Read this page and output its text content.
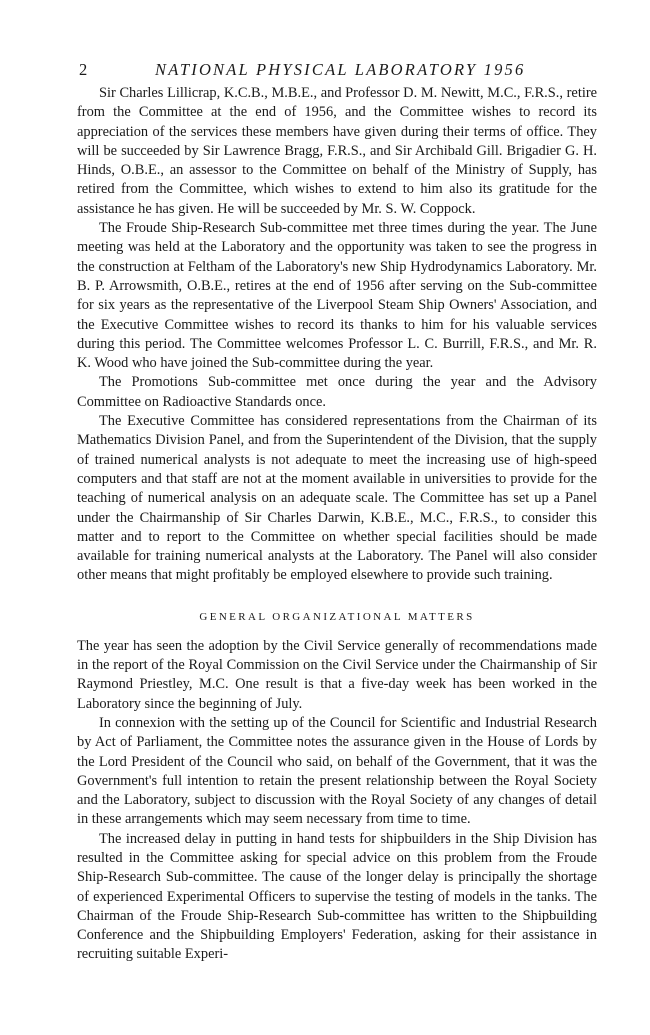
2	NATIONAL PHYSICAL LABORATORY 1956

Sir Charles Lillicrap, K.C.B., M.B.E., and Professor D. M. Newitt, M.C., F.R.S., retire from the Committee at the end of 1956, and the Committee wishes to record its appreciation of the services these members have given during their terms of office. They will be succeeded by Sir Lawrence Bragg, F.R.S., and Sir Archibald Gill. Brigadier G. H. Hinds, O.B.E., an assessor to the Committee on behalf of the Ministry of Supply, has retired from the Committee, which wishes to extend to him also its gratitude for the assistance he has given. He will be succeeded by Mr. S. W. Coppock.

The Froude Ship-Research Sub-committee met three times during the year. The June meeting was held at the Laboratory and the opportunity was taken to see the progress in the construction at Feltham of the Laboratory's new Ship Hydrodynamics Laboratory. Mr. B. P. Arrowsmith, O.B.E., retires at the end of 1956 after serving on the Sub-committee for six years as the representative of the Liverpool Steam Ship Owners' Association, and the Executive Committee wishes to record its thanks to him for his valuable services during this period. The Committee welcomes Professor L. C. Burrill, F.R.S., and Mr. R. K. Wood who have joined the Sub-committee during the year.

The Promotions Sub-committee met once during the year and the Advisory Committee on Radioactive Standards once.

The Executive Committee has considered representations from the Chairman of its Mathematics Division Panel, and from the Superintendent of the Division, that the supply of trained numerical analysts is not adequate to meet the increasing use of high-speed computers and that staff are not at the moment available in universities to provide for the teaching of numerical analysis on an adequate scale. The Committee has set up a Panel under the Chairmanship of Sir Charles Darwin, K.B.E., M.C., F.R.S., to consider this matter and to report to the Committee on whether special facilities should be made available for training numerical analysts at the Laboratory. The Panel will also consider other means that might profitably be employed elsewhere to provide such training.

GENERAL ORGANIZATIONAL MATTERS

The year has seen the adoption by the Civil Service generally of recommendations made in the report of the Royal Commission on the Civil Service under the Chairmanship of Sir Raymond Priestley, M.C. One result is that a five-day week has been worked in the Laboratory since the beginning of July.

In connexion with the setting up of the Council for Scientific and Industrial Research by Act of Parliament, the Committee notes the assurance given in the House of Lords by the Lord President of the Council who said, on behalf of the Government, that it was the Government's full intention to retain the present relationship between the Royal Society and the Laboratory, subject to discussion with the Royal Society of any changes of detail in these arrangements which may seem necessary from time to time.

The increased delay in putting in hand tests for shipbuilders in the Ship Division has resulted in the Committee asking for special advice on this problem from the Froude Ship-Research Sub-committee. The cause of the longer delay is principally the shortage of experienced Experimental Officers to supervise the testing of models in the tanks. The Chairman of the Froude Ship-Research Sub-committee has written to the Shipbuilding Conference and the Shipbuilding Employers' Federation, asking for their assistance in recruiting suitable Experi-
